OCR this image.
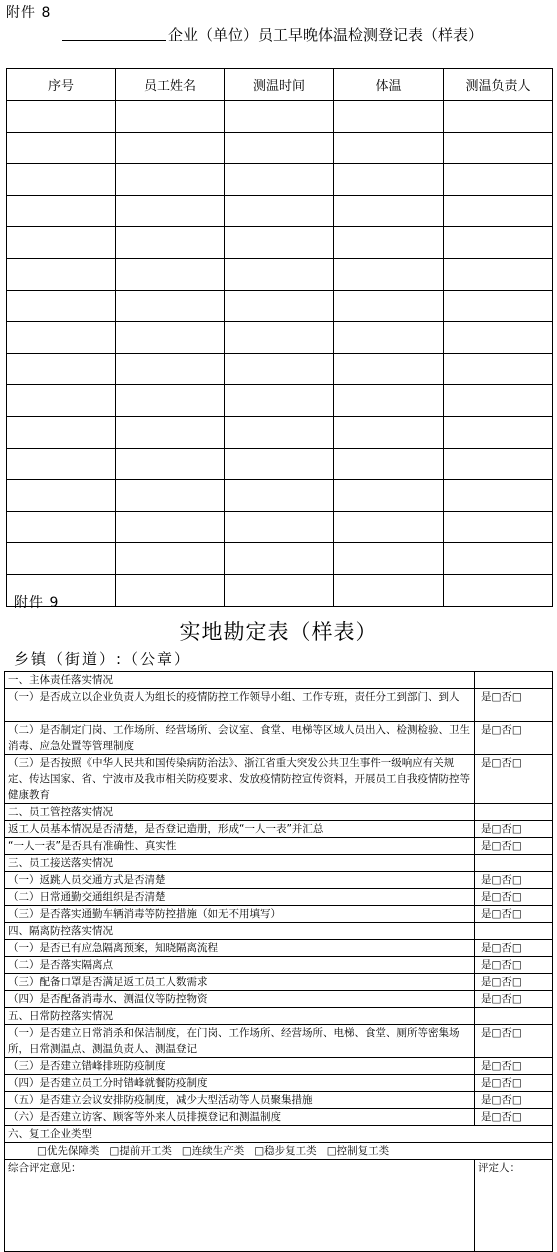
附件 8
企业（单位）员工早晚体温检测登记表（样表）
序号	员工姓名	测温时间	体温	测温负责人

附件 9
实地勘定表（样表）
乡镇（街道）:（公章）
一、主体责任落实情况	
（一）是否成立以企业负责人为组长的疫情防控工作领导小组、工作专班，责任分工到部门、到人	是□否□
（二）是否制定门岗、工作场所、经营场所、会议室、食堂、电梯等区域人员出入、检测检验、卫生消毒、应急处置等管理制度	是□否□
（三）是否按照《中华人民共和国传染病防治法》、浙江省重大突发公共卫生事件一级响应有关规定、传达国家、省、宁波市及我市相关防疫要求、发放疫情防控宣传资料，开展员工自我疫情防控等健康教育	是□否□
二、员工管控落实情况	
返工人员基本情况是否清楚，是否登记造册，形成“一人一表”并汇总	是□否□
“一人一表”是否具有准确性、真实性	是□否□
三、员工接送落实情况	
（一）返跳人员交通方式是否清楚	是□否□
（二）日常通勤交通组织是否清楚	是□否□
（三）是否落实通勤车辆消毒等防控措施（如无不用填写）	是□否□
四、隔离防控落实情况	
（一）是否已有应急隔离预案，知晓隔离流程	是□否□
（二）是否落实隔离点	是□否□
（三）配备口罩是否满足返工员工人数需求	是□否□
（四）是否配备消毒水、测温仪等防控物资	是□否□
五、日常防控落实情况	
（一）是否建立日常消杀和保洁制度，在门岗、工作场所、经营场所、电梯、食堂、厕所等密集场所，日常测温点、测温负责人、测温登记	是□否□
（三）是否建立错峰排班防疫制度	是□否□
（四）是否建立员工分时错峰就餐防疫制度	是□否□
（五）是否建立会议安排防疫制度，减少大型活动等人员聚集措施	是□否□
（六）是否建立访客、顾客等外来人员排摸登记和测温制度	是□否□
六、复工企业类型	
□优先保障类 □提前开工类 □连续生产类 □稳步复工类 □控制复工类	
综合评定意见：	评定人：
